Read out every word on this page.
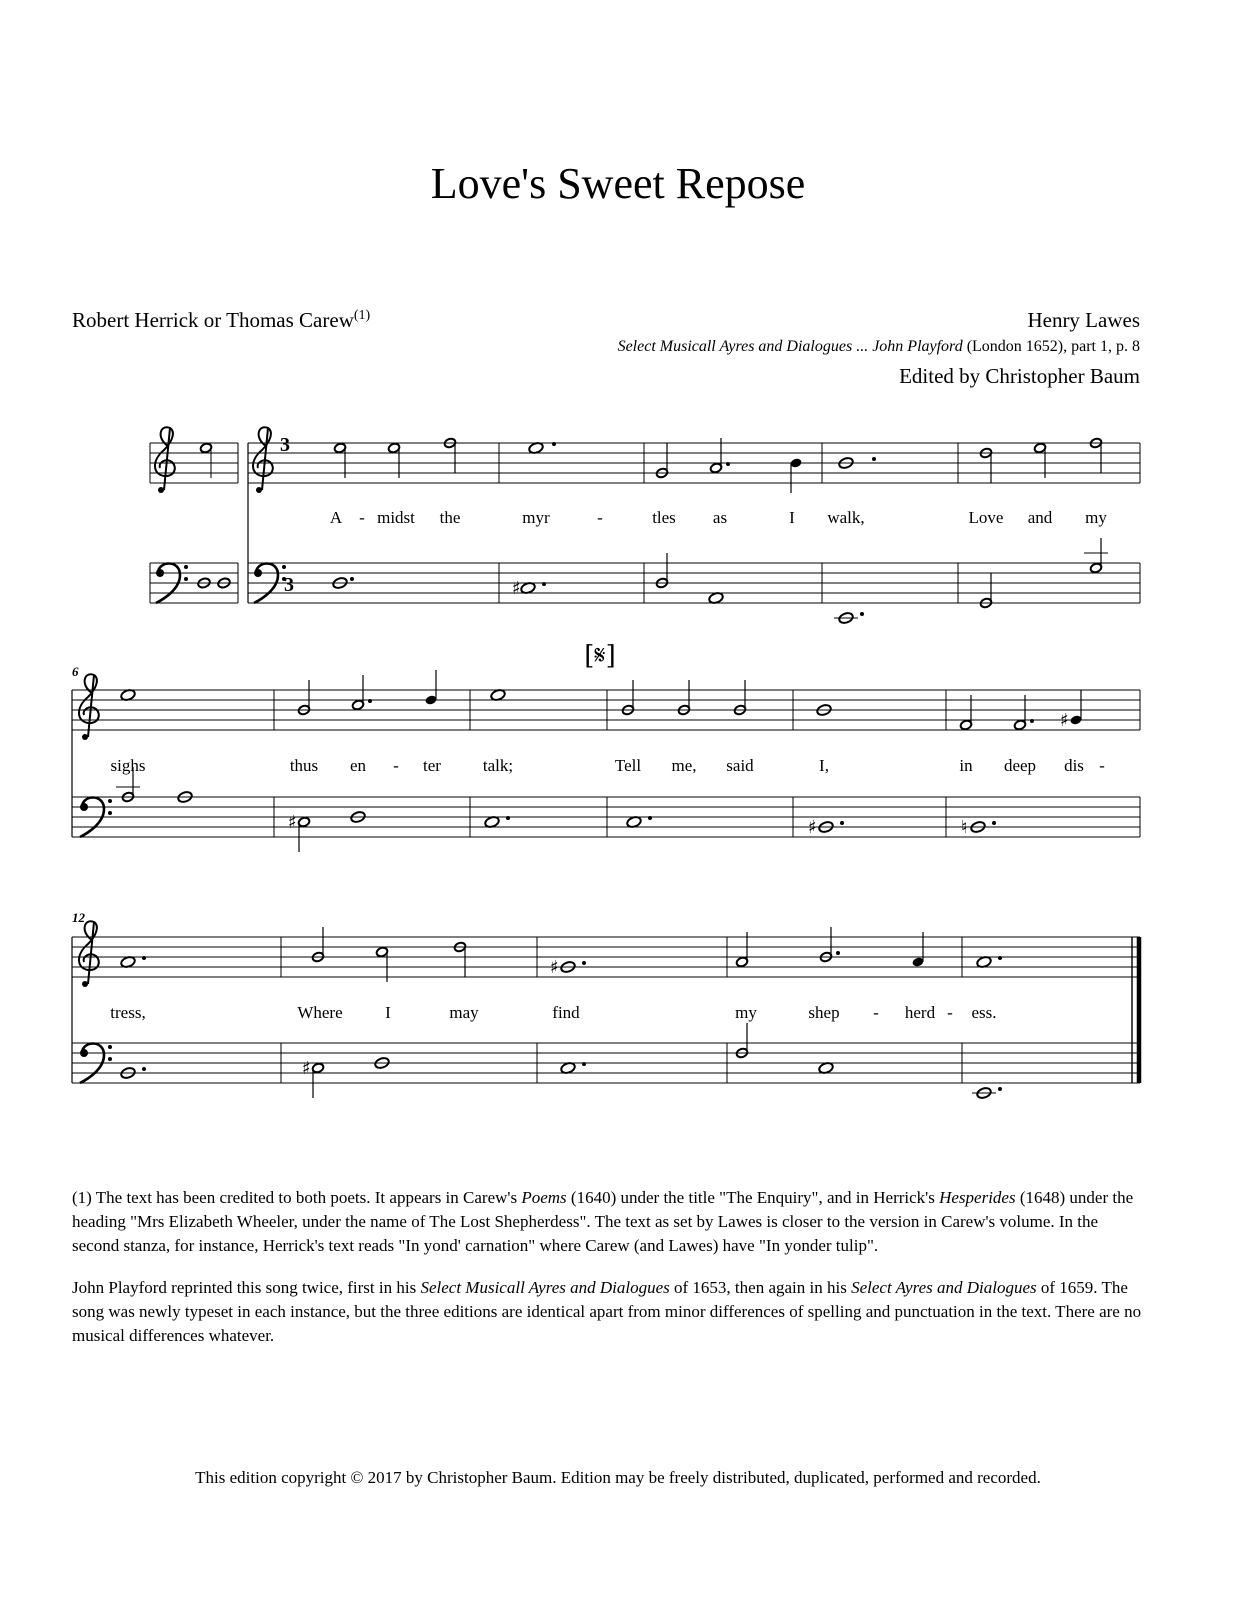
Love's Sweet Repose
Robert Herrick or Thomas Carew$^{(1)}$	Henry Lawes
Select Musicall Ayres and Dialogues ... John Playford (London 1652), part 1, p. 8
Edited by Christopher Baum
3
3	♯
A - midst the	myr	-	tles as	I walk,	Love and my
[𝄋]
6
♯
♯	♯	♮
sighs	thus en - ter talk;	Tell me, said	I,	in deep dis -
12
♯
♯
tress,	Where	I	may	find	my	shep - herd - ess.

(1) The text has been credited to both poets. It appears in Carew's Poems (1640) under the title "The Enquiry", and in Herrick's Hesperides (1648) under the heading "Mrs Elizabeth Wheeler, under the name of The Lost Shepherdess". The text as set by Lawes is closer to the version in Carew's volume. In the second stanza, for instance, Herrick's text reads "In yond' carnation" where Carew (and Lawes) have "In yonder tulip".

John Playford reprinted this song twice, first in his Select Musicall Ayres and Dialogues of 1653, then again in his Select Ayres and Dialogues of 1659. The song was newly typeset in each instance, but the three editions are identical apart from minor differences of spelling and punctuation in the text. There are no musical differences whatever.

This edition copyright © 2017 by Christopher Baum. Edition may be freely distributed, duplicated, performed and recorded.
